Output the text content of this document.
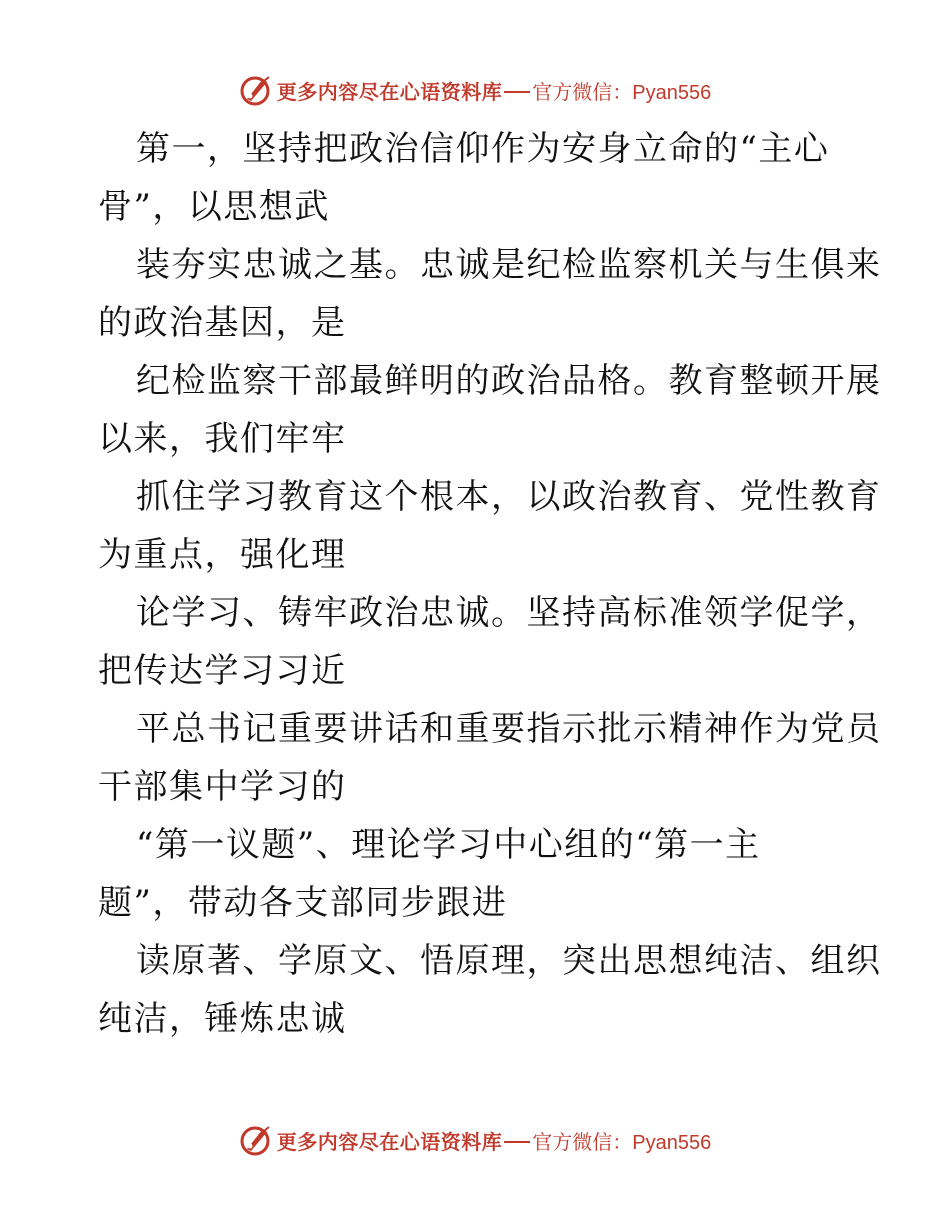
更多内容尽在心语资料库 官方微信：Pyan556
第一，坚持把政治信仰作为安身立命的“主心
骨”，以思想武
装夯实忠诚之基。忠诚是纪检监察机关与生俱来
的政治基因，是
纪检监察干部最鲜明的政治品格。教育整顿开展
以来，我们牢牢
抓住学习教育这个根本，以政治教育、党性教育
为重点，强化理
论学习、铸牢政治忠诚。坚持高标准领学促学，
把传达学习习近
平总书记重要讲话和重要指示批示精神作为党员
干部集中学习的
“第一议题”、理论学习中心组的“第一主
题”，带动各支部同步跟进
读原著、学原文、悟原理，突出思想纯洁、组织
纯洁，锤炼忠诚
更多内容尽在心语资料库 官方微信：Pyan556
